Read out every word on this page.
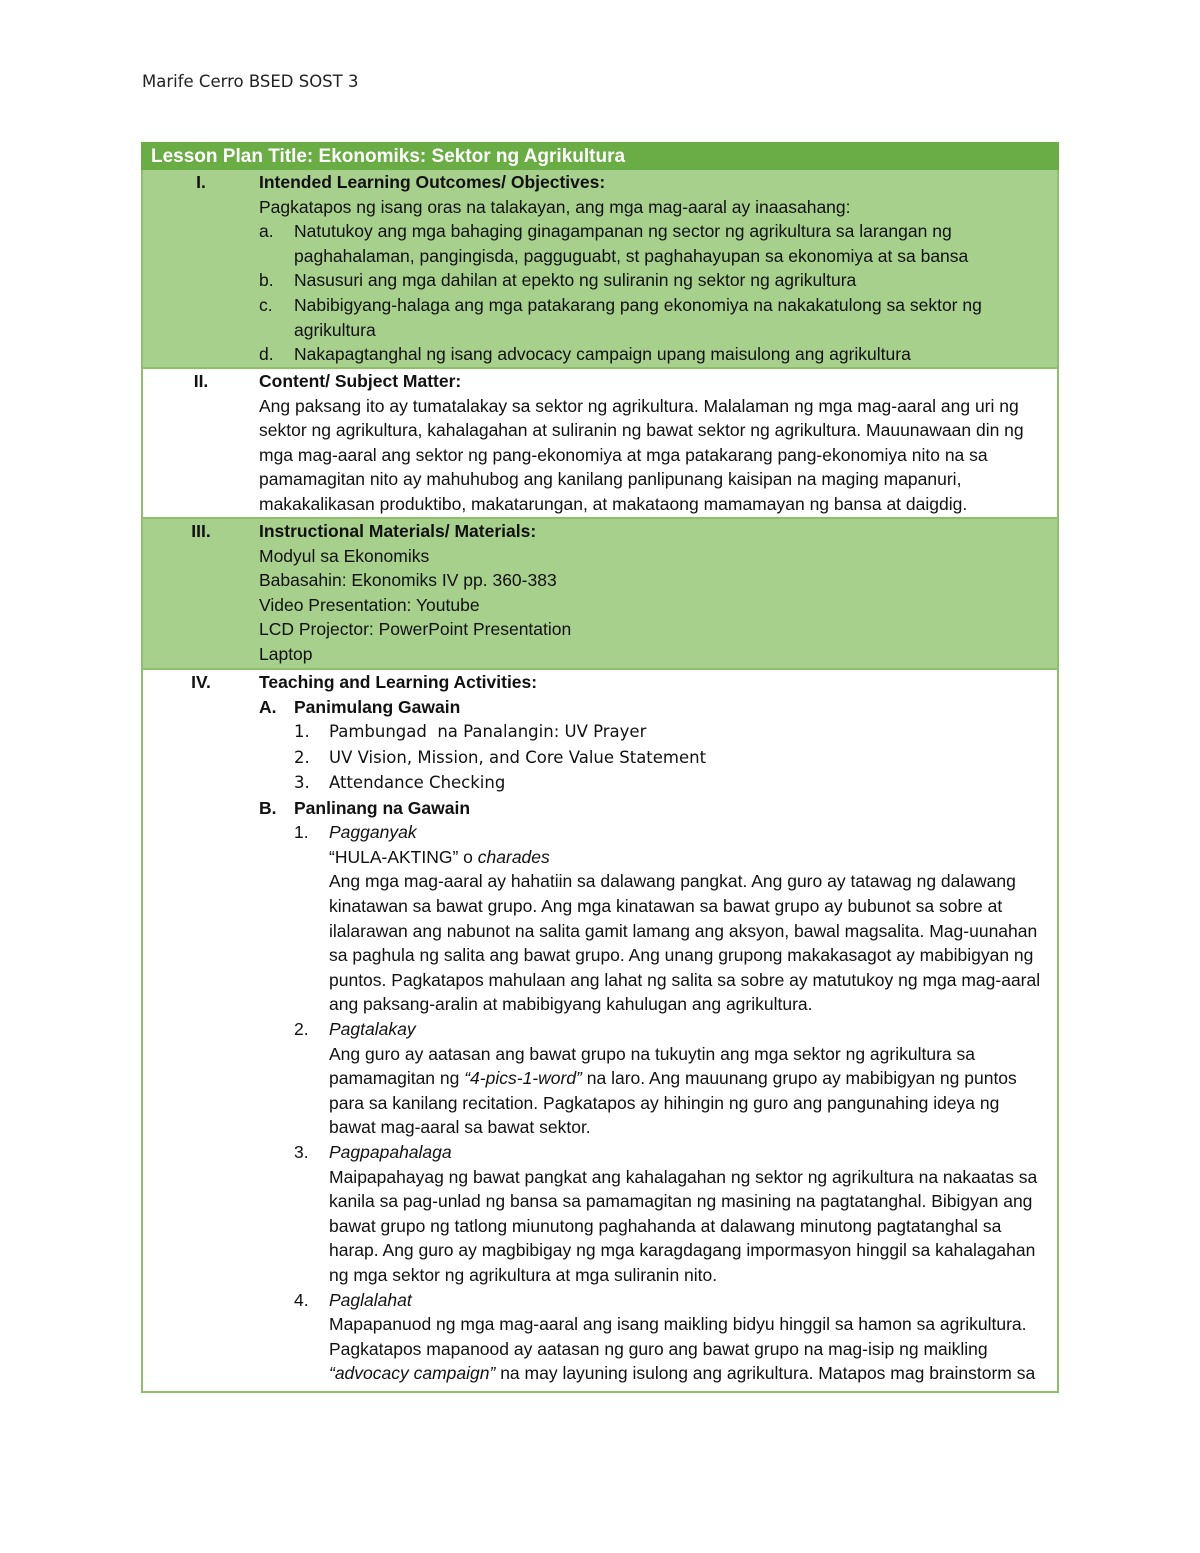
Marife Cerro BSED SOST 3
Lesson Plan Title: Ekonomiks: Sektor ng Agrikultura
I.	Intended Learning Outcomes/ Objectives:
Pagkatapos ng isang oras na talakayan, ang mga mag-aaral ay inaasahang:
a.	Natutukoy ang mga bahaging ginagampanan ng sector ng agrikultura sa larangan ng paghahalaman, pangingisda, pagguguabt, st paghahayupan sa ekonomiya at sa bansa
b.	Nasusuri ang mga dahilan at epekto ng suliranin ng sektor ng agrikultura
c.	Nabibigyang-halaga ang mga patakarang pang ekonomiya na nakakatulong sa sektor ng agrikultura
d.	Nakapagtanghal ng isang advocacy campaign upang maisulong ang agrikultura
II.	Content/ Subject Matter:
Ang paksang ito ay tumatalakay sa sektor ng agrikultura. Malalaman ng mga mag-aaral ang uri ng sektor ng agrikultura, kahalagahan at suliranin ng bawat sektor ng agrikultura. Mauunawaan din ng mga mag-aaral ang sektor ng pang-ekonomiya at mga patakarang pang-ekonomiya nito na sa pamamagitan nito ay mahuhubog ang kanilang panlipunang kaisipan na maging mapanuri, makakalikasan produktibo, makatarungan, at makataong mamamayan ng bansa at daigdig.
III.	Instructional Materials/ Materials:
Modyul sa Ekonomiks
Babasahin: Ekonomiks IV pp. 360-383
Video Presentation: Youtube
LCD Projector: PowerPoint Presentation
Laptop
IV.	Teaching and Learning Activities:
A.	Panimulang Gawain
1.	Pambungad  na Panalangin: UV Prayer
2.	UV Vision, Mission, and Core Value Statement
3.	Attendance Checking
B.	Panlinang na Gawain
1.	Pagganyak
“HULA-AKTING” o charades
Ang mga mag-aaral ay hahatiin sa dalawang pangkat. Ang guro ay tatawag ng dalawang kinatawan sa bawat grupo. Ang mga kinatawan sa bawat grupo ay bubunot sa sobre at ilalarawan ang nabunot na salita gamit lamang ang aksyon, bawal magsalita. Mag-uunahan sa paghula ng salita ang bawat grupo. Ang unang grupong makakasagot ay mabibigyan ng puntos. Pagkatapos mahulaan ang lahat ng salita sa sobre ay matutukoy ng mga mag-aaral ang paksang-aralin at mabibigyang kahulugan ang agrikultura.
2.	Pagtalakay
Ang guro ay aatasan ang bawat grupo na tukuytin ang mga sektor ng agrikultura sa pamamagitan ng “4-pics-1-word” na laro. Ang mauunang grupo ay mabibigyan ng puntos para sa kanilang recitation. Pagkatapos ay hihingin ng guro ang pangunahing ideya ng bawat mag-aaral sa bawat sektor.
3.	Pagpapahalaga
Maipapahayag ng bawat pangkat ang kahalagahan ng sektor ng agrikultura na nakaatas sa kanila sa pag-unlad ng bansa sa pamamagitan ng masining na pagtatanghal. Bibigyan ang bawat grupo ng tatlong miunutong paghahanda at dalawang minutong pagtatanghal sa harap. Ang guro ay magbibigay ng mga karagdagang impormasyon hinggil sa kahalagahan ng mga sektor ng agrikultura at mga suliranin nito.
4.	Paglalahat
Mapapanuod ng mga mag-aaral ang isang maikling bidyu hinggil sa hamon sa agrikultura. Pagkatapos mapanood ay aatasan ng guro ang bawat grupo na mag-isip ng maikling “advocacy campaign” na may layuning isulong ang agrikultura. Matapos mag brainstorm sa
